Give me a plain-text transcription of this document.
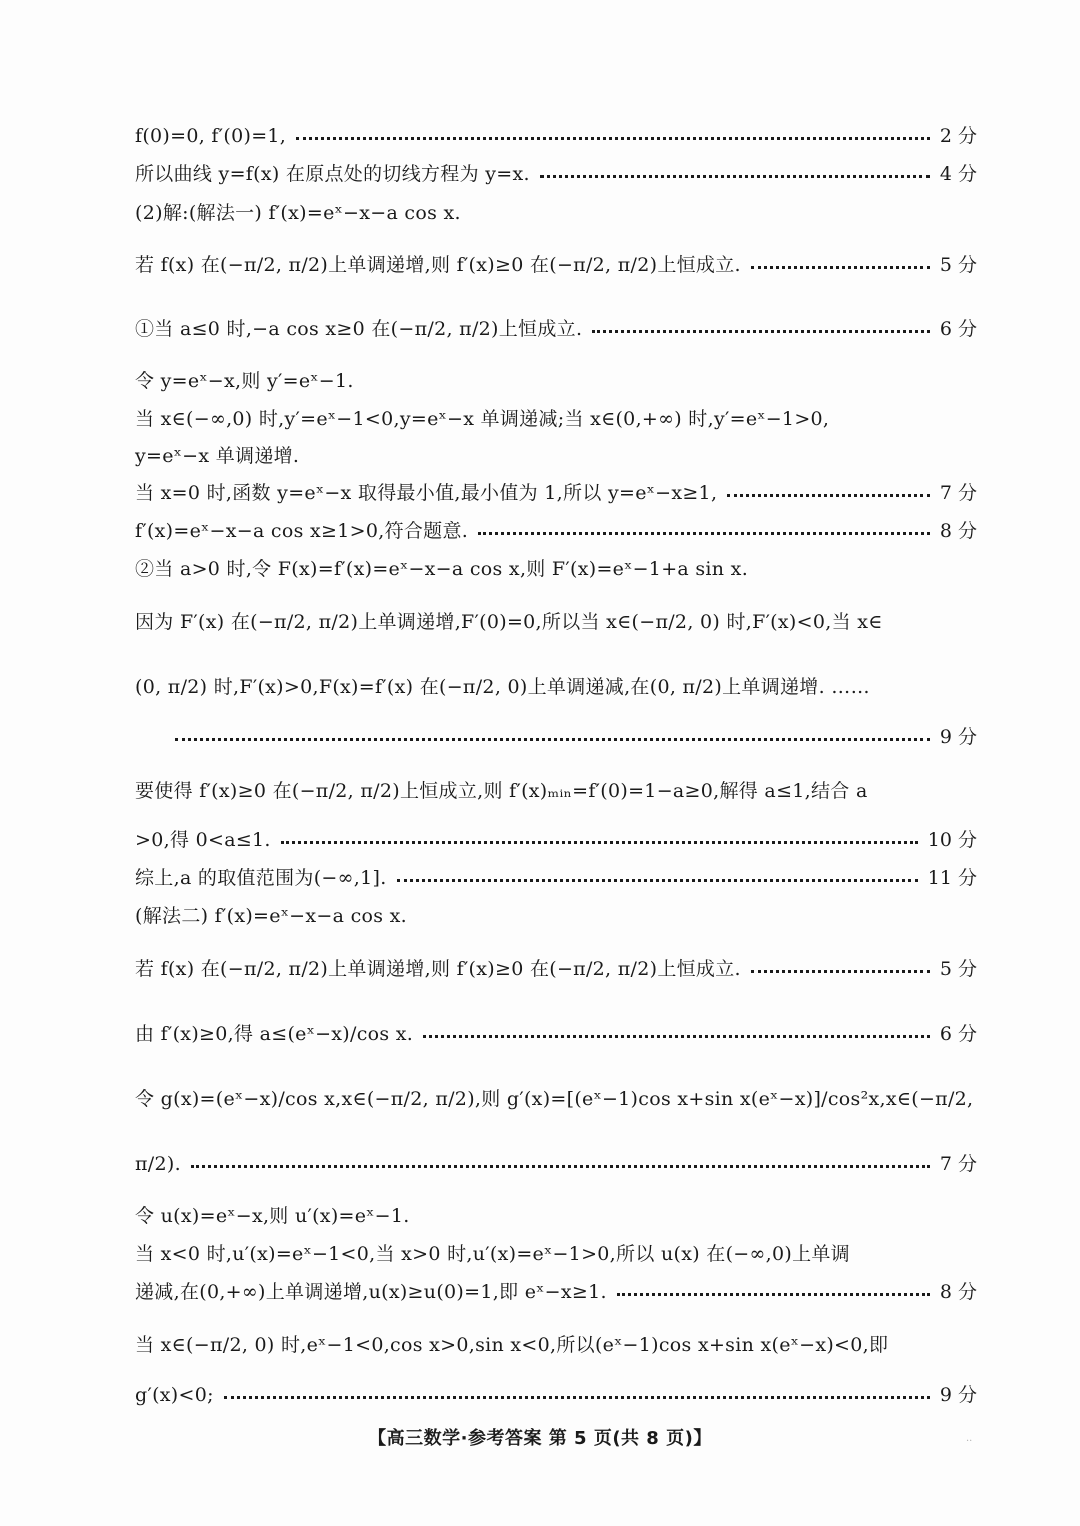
f(0)=0, f′(0)=1,	2 分
所以曲线 y=f(x) 在原点处的切线方程为 y=x.	4 分
(2)解:(解法一) f′(x)=eˣ−x−a cos x.
若 f(x) 在(−π/2, π/2)上单调递增,则 f′(x)≥0 在(−π/2, π/2)上恒成立.	5 分
①当 a≤0 时,−a cos x≥0 在(−π/2, π/2)上恒成立.	6 分
令 y=eˣ−x,则 y′=eˣ−1.
当 x∈(−∞,0) 时,y′=eˣ−1<0,y=eˣ−x 单调递减;当 x∈(0,+∞) 时,y′=eˣ−1>0,
y=eˣ−x 单调递增.
当 x=0 时,函数 y=eˣ−x 取得最小值,最小值为 1,所以 y=eˣ−x≥1,	7 分
f′(x)=eˣ−x−a cos x≥1>0,符合题意.	8 分
②当 a>0 时,令 F(x)=f′(x)=eˣ−x−a cos x,则 F′(x)=eˣ−1+a sin x.
因为 F′(x) 在(−π/2, π/2)上单调递增,F′(0)=0,所以当 x∈(−π/2, 0) 时,F′(x)<0,当 x∈
(0, π/2) 时,F′(x)>0,F(x)=f′(x) 在(−π/2, 0)上单调递减,在(0, π/2)上单调递增. ……
9 分
要使得 f′(x)≥0 在(−π/2, π/2)上恒成立,则 f′(x)ₘᵢₙ=f′(0)=1−a≥0,解得 a≤1,结合 a
>0,得 0<a≤1.	10 分
综上,a 的取值范围为(−∞,1].	11 分
(解法二) f′(x)=eˣ−x−a cos x.
若 f(x) 在(−π/2, π/2)上单调递增,则 f′(x)≥0 在(−π/2, π/2)上恒成立.	5 分
由 f′(x)≥0,得 a≤(eˣ−x)/cos x.	6 分
令 g(x)=(eˣ−x)/cos x,x∈(−π/2, π/2),则 g′(x)=[(eˣ−1)cos x+sin x(eˣ−x)]/cos²x,x∈(−π/2,
π/2).	7 分
令 u(x)=eˣ−x,则 u′(x)=eˣ−1.
当 x<0 时,u′(x)=eˣ−1<0,当 x>0 时,u′(x)=eˣ−1>0,所以 u(x) 在(−∞,0)上单调
递减,在(0,+∞)上单调递增,u(x)≥u(0)=1,即 eˣ−x≥1.	8 分
当 x∈(−π/2, 0) 时,eˣ−1<0,cos x>0,sin x<0,所以(eˣ−1)cos x+sin x(eˣ−x)<0,即
g′(x)<0;	9 分
【高三数学·参考答案 第 5 页(共 8 页)】	··
